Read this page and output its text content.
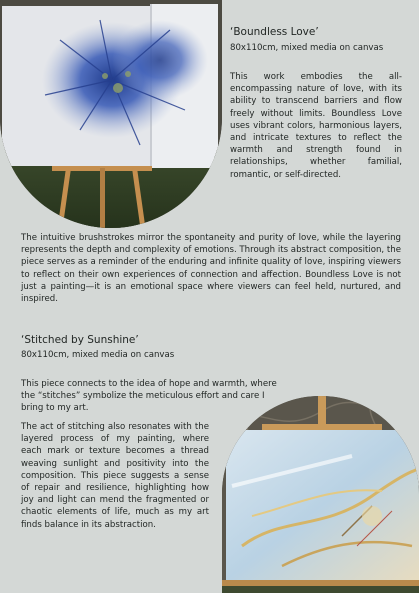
‘Boundless Love’

80x110cm, mixed media on canvas

This work embodies the all-encompassing nature of love, with its ability to transcend barriers and flow freely without limits. Boundless Love uses vibrant colors, harmonious layers, and intricate textures to reflect the warmth and strength found in relationships, whether familial, romantic, or self-directed.

The intuitive brushstrokes mirror the spontaneity and purity of love, while the layering represents the depth and complexity of emotions. Through its abstract composition, the piece serves as a reminder of the enduring and infinite quality of love, inspiring viewers to reflect on their own experiences of connection and affection. Boundless Love is not just a painting—it is an emotional space where viewers can feel held, nurtured, and inspired.

‘Stitched by Sunshine’

80x110cm, mixed media on canvas

This piece connects to the idea of hope and warmth, where the “stitches” symbolize the meticulous effort and care I bring to my art.

The act of stitching also resonates with the layered process of my painting, where each mark or texture becomes a thread weaving sunlight and positivity into the composition. This piece suggests a sense of repair and resilience, highlighting how joy and light can mend the fragmented or chaotic elements of life, much as my art finds balance in its abstraction.
